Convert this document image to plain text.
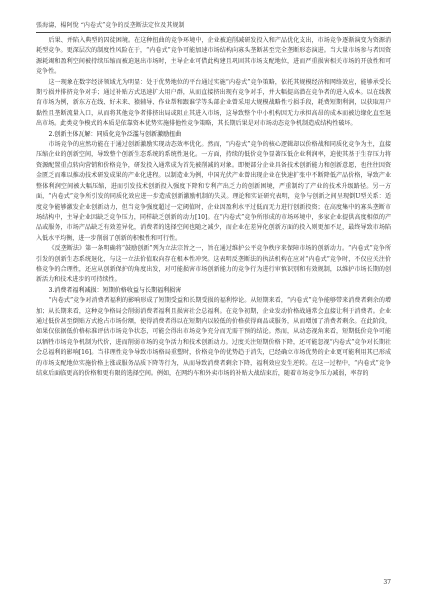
張海濤，楊阿悅 “内卷式”竞争的反垄断法定位及其规制

后果、并陷入典型的囚徒困境。在这种扭曲的竞争环境中，企业被迫削减研发投入和产品优化支出，市场竞争逐渐演变为资源消耗型竞争。更深层次的制度性风险在于，“内卷式”竞争可能加速市场结构向寡头垄断甚至完全垄断形态演进。当大量市场参与者因资源耗竭和盈利空间被持续压缩而被迫退出市场时，主导企业可借此构建且巩固其市场支配地位，进而严重损害相关市场的开放性和可竞争性。

这一现象在数字经济领域尤为明显：处于优势地位的平台通过实施“内卷式”竞争策略，依托其规模经济和网络效应，能够承受长期亏损并排挤竞争对手；通过补贴方式迅速扩大用户群，从而直接挤出现有竞争对手，并大幅提高潜在竞争者的进入成本。以在线教育市场为例，新东方在线、好未来、猿辅导、作业帮和跟谁学等头部企业曾采用大规模战略性亏损手段，耗费短期利润，以获取用户黏性且垄断流量入口，从而将其他竞争者排挤出局或阻止其进入市场，这导致整个中小机构因无力承担高昂的成本而被边缘化直至退出市场。此类竞争模式的本质是依靠资本优势实施排他性竞争策略，其长期后果是对市场动态竞争机制造成结构性破坏。

2.创新主体瓦解：同质化竞争泛滥与创新激励扭曲

市场竞争的应然功能在于通过创新激励实现动态效率优化。然而，“内卷式”竞争的核心逻辑却以价格战和同质化竞争为主，直接压缩企业的创新空间，导致整个创新生态系统的系统性退化。一方面，持续的低价竞争显著压低企业利润率，迫使其基于生存压力将资源配置重点转向营销和价格竞争，研发投入通常成为首先被削减的对象。即便部分企业具备技术创新能力和创新意愿，也往往因资金匮乏而难以推动技术研发成果的产业化进程。以制造业为例，中国光伏产业曾出现企业在快速扩张中不断降低产品价格，导致产业整体利润空间被大幅压缩，进而引发技术创新投入强度下降和专利产出乏力的创新困境，严重制约了产业的技术升级路径。另一方面，“内卷式”竞争所引发的同质化效应进一步造成创新激励机制的失灵。理论和实证研究表明，竞争与创新之间呈现倒U型关系：适度竞争能够激发企业创新动力，但当竞争强度超过一定阈值时，企业因盈利水平过低而无力进行创新投资；在高度集中的寡头垄断市场结构中，主导企业因缺乏竞争压力，同样缺乏创新的动力[10]。在“内卷式”竞争所形成的市场环境中，多家企业提供高度相似的产品或服务，市场产品缺乏有效差异化，消费者的选择空间也随之减少，而企业在差异化创新方面的投入则更加不足，最终导致市场陷入低水平均衡，进一步削弱了创新的积极性和可行性。

《反垄断法》第一条明确将“鼓励创新”列为立法宗旨之一，旨在通过维护公平竞争秩序来保障市场的创新动力。“内卷式”竞争所引发的创新生态系统退化，与这一立法价值取向存在根本性冲突。这表明反垄断法的执法机构在应对“内卷式”竞争时，不仅应关注价格竞争的合理性，还应从创新保护的角度出发，对可能损害市场创新能力的竞争行为进行审慎识别和有效规制，以维护市场长期的创新活力和技术进步的可持续性。

3.消费者福利减损：短期价格收益与长期福利损害

“内卷式”竞争对消费者福利的影响形成了短期受益和长期受损的福利悖论。从短期来看，“内卷式”竞争能够带来消费者剩余的增加；从长期来看，这种竞争格局会削弱消费者福利且损害社会总福利。在竞争初期，企业发动价格战通常会直接让利于消费者。企业通过低价甚至倒贴方式抢占市场份额，使得消费者得以在短期内以较低的价格获得商品或服务，从而增加了消费者剩余。在此阶段，如果仅依据低价格标准评估市场竞争状态，可能会得出市场竞争充分而无需干预的结论。然而，从动态视角来看，短期低价竞争可能以牺牲市场竞争机制为代价，进而削弱市场的竞争活力和技术创新动力。过度关注短期价格下降，还可能忽视“内卷式”竞争对长期社会总福利的影响[16]。当非理性竞争导致市场格局重塑时，价格竞争的优势趋于消失，已经确立市场优势的企业更可能利用其已形成的市场支配地位实施价格上涨或服务品质下降等行为，从而导致消费者剩余下降，福利效应发生逆转。在这一过程中，“内卷式”竞争结束后面临更高的价格和更有限的选择空间。例如，在网约车和外卖市场的补贴大战结束后，随着市场竞争压力减弱，率存的

37
